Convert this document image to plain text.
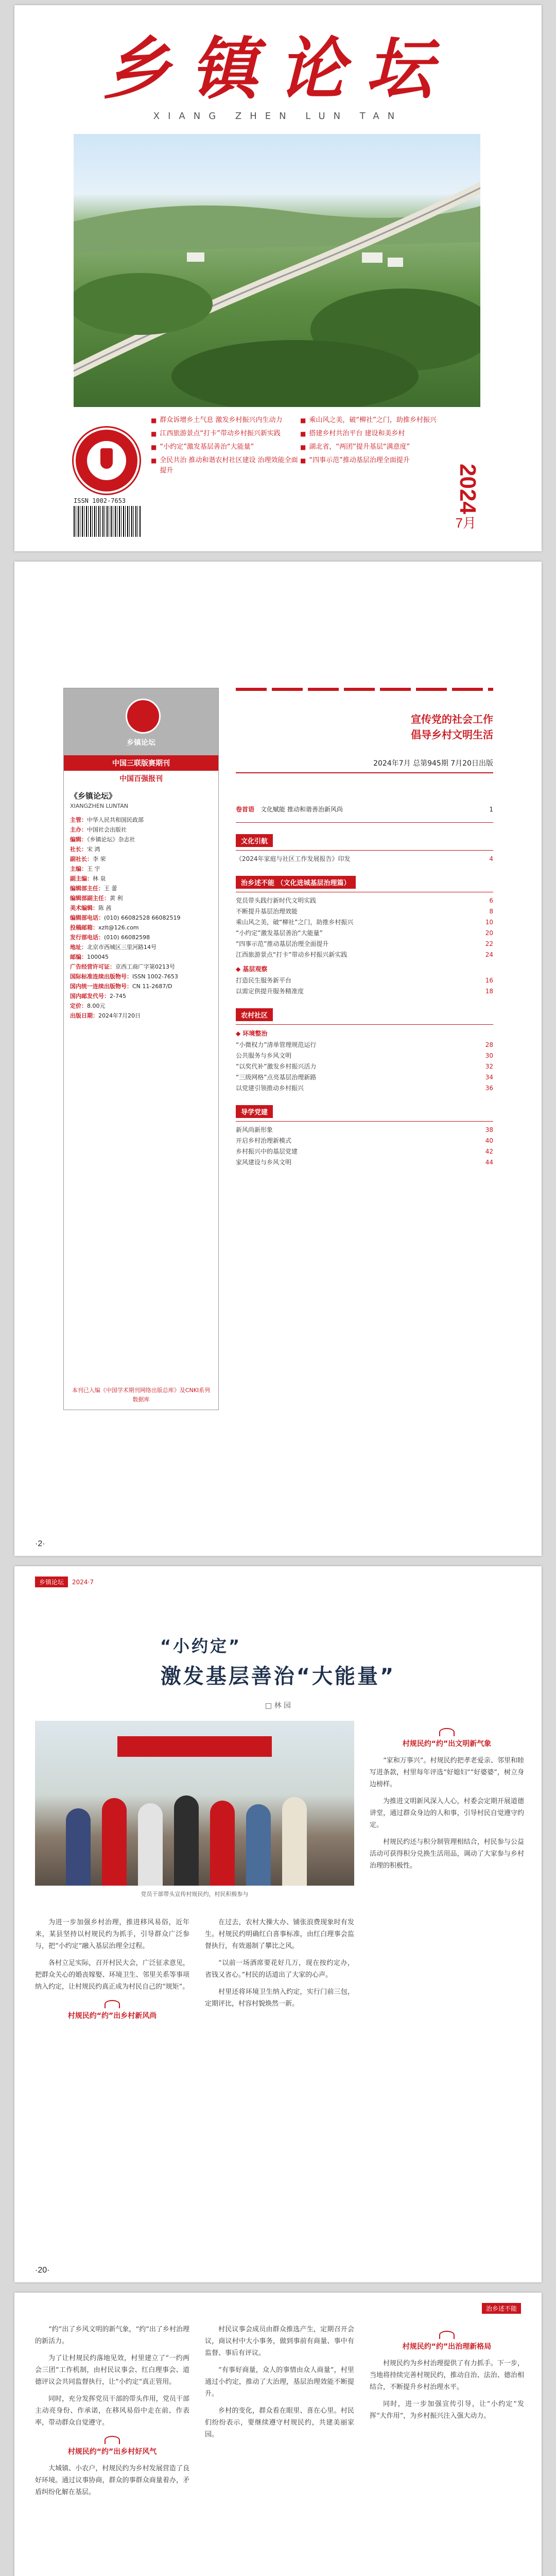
乡镇论坛
XIANG ZHEN LUN TAN
ISSN 1002-7653
■ 群众诉增乡土气息 激发乡村振兴内生动力
■ 江西旅游景点“打卡”带动乡村振兴新实践
■ “小约定”激发基层善治“大能量”
■ 全民共治 推动和谐农村社区建设 治理效能全面提升
■ 乘山风之美，破“柳社”之门，助推乡村振兴
■ 搭建乡村共治平台 建设和美乡村
■ 湖北省，“两团”提升基层“满意度”
■ “四事示范”推动基层治理全面提升
2024
7月
乡镇论坛
中国三联版赛期刊
中国百强报刊
《乡镇论坛》
XIANGZHEN LUNTAN
主管：中华人民共和国民政部
主办：中国社会出版社
编辑：《乡镇论坛》杂志社
社长：宋 鸿
副社长：李 荣
主编：王 宇
副主编：林 泉
编辑部主任：王 蕾
编辑部副主任：黄 利
美术编辑：陈 茜
编辑部电话：(010) 66082528 66082519
投稿邮箱：xzlt@126.com
发行部电话：(010) 66082598
地址：北京市西城区三里河路14号
邮编：100045
广告经营许可证：京西工商广字第0213号
国际标准连续出版物号：ISSN 1002-7653
国内统一连续出版物号：CN 11-2687/D
国内邮发代号：2-745
定价：8.00元
出版日期：2024年7月20日
本刊已入编《中国学术期刊网络出版总库》及CNKI系列数据库
宣传党的社会工作
倡导乡村文明生活
2024年7月 总第945期 7月20日出版
卷首语　 文化赋能 推动和谐善治新风尚	1
文化引航
《2024年家庭与社区工作发展报告》印发	4
治乡述不能 （文化进城基层治理篇）
党员带头践行新时代文明实践	6
不断提升基层治理效能	8
乘山风之美，破“柳社”之门，助推乡村振兴	10
“小约定”激发基层善治“大能量”	20
“四事示范”推动基层治理全面提升	22
江西旅游景点“打卡”带动乡村振兴新实践	24
◆ 基层观察
打造民生服务新平台	16
以需定供提升服务精准度	18
农村社区
◆ 环境整治
“小微权力”清单管理规范运行	28
公共服务与乡风文明	30
“以奖代补”激发乡村振兴活力	32
“三级网格”点亮基层治理新路	34
以党建引领推动乡村振兴	36
导学党建
新风尚新形象	38
开启乡村治理新模式	40
乡村振兴中的基层党建	42
家风建设与乡风文明	44
·2·
乡镇论坛	2024·7
“小约定”
激发基层善治“大能量”
□ 林 园
党员干部带头宣传村规民约，村民积极参与

为进一步加强乡村治理，推进移风易俗，近年来，某县坚持以村规民约为抓手，引导群众广泛参与，把“小约定”融入基层治理全过程。

各村立足实际，召开村民大会，广泛征求意见，把群众关心的婚丧嫁娶、环境卫生、邻里关系等事项纳入约定，让村规民约真正成为村民自己的“规矩”。

村规民约“约”出乡村新风尚

在过去，农村大操大办、铺张浪费现象时有发生。村规民约明确红白喜事标准，由红白理事会监督执行，有效遏制了攀比之风。

“以前一场酒席要花好几万，现在按约定办，省钱又省心。”村民的话道出了大家的心声。

村里还将环境卫生纳入约定，实行门前三包，定期评比，村容村貌焕然一新。

村规民约“约”出文明新气象

“家和万事兴”。村规民约把孝老爱亲、邻里和睦写进条款，村里每年评选“好媳妇”“好婆婆”，树立身边榜样。

为推进文明新风深入人心，村委会定期开展道德讲堂，通过群众身边的人和事，引导村民自觉遵守约定。

村规民约还与积分制管理相结合，村民参与公益活动可获得积分兑换生活用品，调动了大家参与乡村治理的积极性。

·20·
治乡述不能

“约”出了乡风文明的新气象，“约”出了乡村治理的新活力。

为了让村规民约落地见效，村里建立了“一约两会三团”工作机制，由村民议事会、红白理事会、道德评议会共同监督执行，让“小约定”真正管用。

同时，充分发挥党员干部的带头作用，党员干部主动亮身份、作承诺，在移风易俗中走在前、作表率，带动群众自觉遵守。

村规民约“约”出乡村好风气

大城镇、小农户，村规民约为乡村发展营造了良好环境。通过议事协商，群众的事群众商量着办，矛盾纠纷化解在基层。

村民议事会成员由群众推选产生，定期召开会议，商议村中大小事务，做到事前有商量、事中有监督、事后有评议。

“有事好商量，众人的事情由众人商量”，村里通过小约定，推动了大治理，基层治理效能不断提升。

乡村的变化，群众看在眼里、喜在心里。村民们纷纷表示，要继续遵守村规民约，共建美丽家园。

村规民约“约”出治理新格局

村规民约为乡村治理提供了有力抓手。下一步，当地将持续完善村规民约，推动自治、法治、德治相结合，不断提升乡村治理水平。

同时，进一步加强宣传引导，让“小约定”发挥“大作用”，为乡村振兴注入强大动力。
